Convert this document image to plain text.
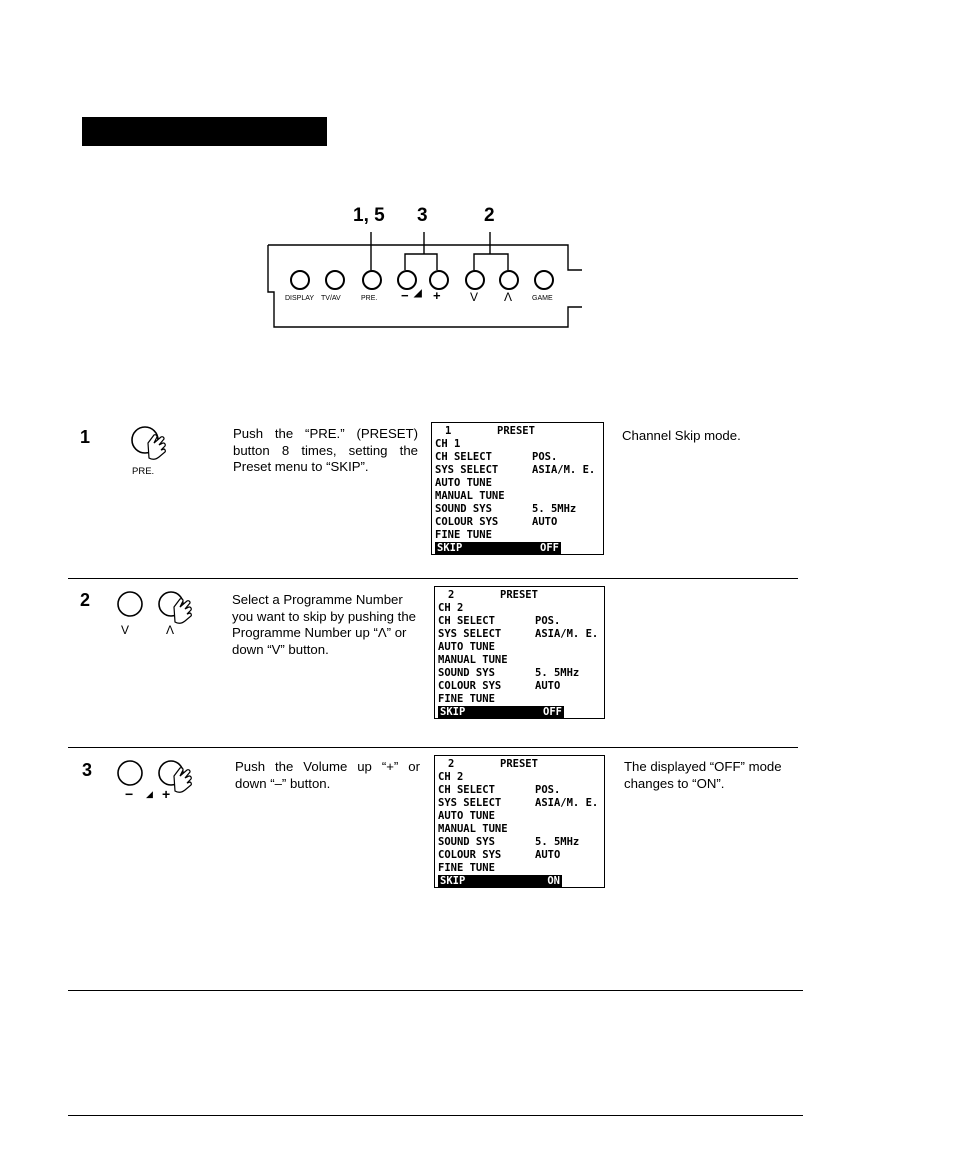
1, 5 3	2
DISPLAY TV/AV	PRE. − ◢ + V Λ	GAME
1
PRE.
Push the “PRE.” (PRESET) button 8 times, setting the Preset menu to “SKIP”.
1	PRESET
CH 1
CH SELECT	POS.
SYS SELECT	ASIA/M. E.
AUTO TUNE
MANUAL TUNE
SOUND SYS	5. 5MHz
COLOUR SYS	AUTO
FINE TUNE
SKIP	OFF
Channel Skip mode.
2
V	Λ
Select a Programme Number you want to skip by pushing the Programme Number up “Λ” or down “V” button.
2	PRESET
CH 2
CH SELECT	POS.
SYS SELECT	ASIA/M. E.
AUTO TUNE
MANUAL TUNE
SOUND SYS	5. 5MHz
COLOUR SYS	AUTO
FINE TUNE
SKIP	OFF
3
− ◢ +
Push the Volume up “+” or down “–” button.
2	PRESET
CH 2
CH SELECT	POS.
SYS SELECT	ASIA/M. E.
AUTO TUNE
MANUAL TUNE
SOUND SYS	5. 5MHz
COLOUR SYS	AUTO
FINE TUNE
SKIP	ON
The displayed “OFF” mode changes to “ON”.
